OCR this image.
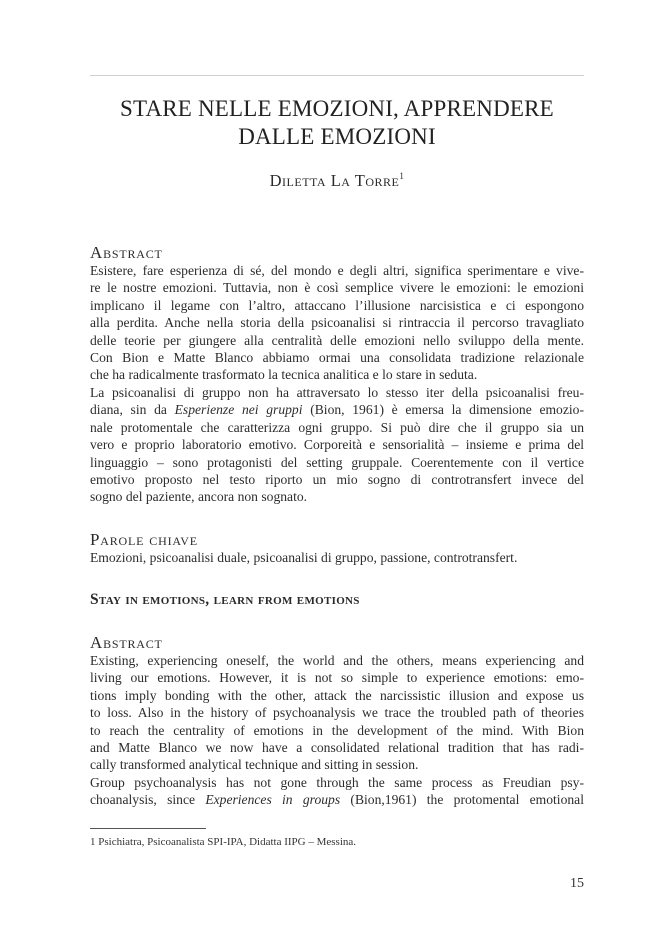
STARE NELLE EMOZIONI, APPRENDERE
DALLE EMOZIONI
Diletta La Torre$^1$
Abstract
Esistere, fare esperienza di sé, del mondo e degli altri, significa sperimentare e vive-
re le nostre emozioni. Tuttavia, non è così semplice vivere le emozioni: le emozioni
implicano il legame con l’altro, attaccano l’illusione narcisistica e ci espongono
alla perdita. Anche nella storia della psicoanalisi si rintraccia il percorso travagliato
delle teorie per giungere alla centralità delle emozioni nello sviluppo della mente.
Con Bion e Matte Blanco abbiamo ormai una consolidata tradizione relazionale
che ha radicalmente trasformato la tecnica analitica e lo stare in seduta.
La psicoanalisi di gruppo non ha attraversato lo stesso iter della psicoanalisi freu-
diana, sin da Esperienze nei gruppi (Bion, 1961) è emersa la dimensione emozio-
nale protomentale che caratterizza ogni gruppo. Si può dire che il gruppo sia un
vero e proprio laboratorio emotivo. Corporeità e sensorialità – insieme e prima del
linguaggio – sono protagonisti del setting gruppale. Coerentemente con il vertice
emotivo proposto nel testo riporto un mio sogno di controtransfert invece del
sogno del paziente, ancora non sognato.
Parole chiave
Emozioni, psicoanalisi duale, psicoanalisi di gruppo, passione, controtransfert.
Stay in emotions, learn from emotions
Abstract
Existing, experiencing oneself, the world and the others, means experiencing and
living our emotions. However, it is not so simple to experience emotions: emo-
tions imply bonding with the other, attack the narcissistic illusion and expose us
to loss. Also in the history of psychoanalysis we trace the troubled path of theories
to reach the centrality of emotions in the development of the mind. With Bion
and Matte Blanco we now have a consolidated relational tradition that has radi-
cally transformed analytical technique and sitting in session.
Group psychoanalysis has not gone through the same process as Freudian psy-
choanalysis, since Experiences in groups (Bion,1961) the protomental emotional
1 Psichiatra, Psicoanalista SPI-IPA, Didatta IIPG – Messina.
15
